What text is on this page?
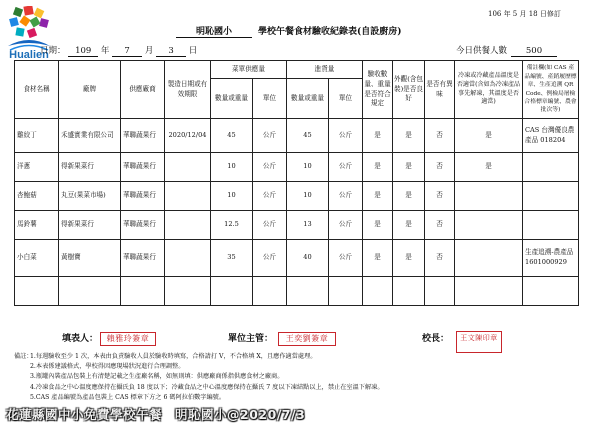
Hualien
106 年 5 月 18 日修訂
明恥國小	學校午餐食材驗收紀錄表(自設廚房)
日期： 109 年 7 月 3 日	今日供餐人數 500
食材名稱	廠牌	供應廠商	製造日期或有效期限	菜單供應量		進貨量		驗收數量、重量是否符合規定	外觀(含包裝)是否良好	是否有異味	冷凍或冷藏產品溫度是否適當(含如為冷凍產品事先解凍，其溫度是否適當)	備註欄(如 CAS 產品編號、產銷履歷標章、生產追溯 QR Code、例檢局屠檢合格標章編號、農會批次等)
				數量或重量	單位	數量或重量	單位					
雞絞丁	禾盛實業有限公司	華聯蔬果行	2020/12/04	45	公斤	45	公斤	是	是	否	是	CAS 台灣優良農產品 018204
洋蔥	得新果菜行	華聯蔬果行		10	公斤	10	公斤	是	是	否	是	
杏鮑菇	丸豆(果菜市場)	華聯蔬果行		10	公斤	10	公斤	是	是	否		
馬鈴薯	得新果菜行	華聯蔬果行		12.5	公斤	13	公斤	是	是	否		
小白菜	黃樹寶	華聯蔬果行		35	公斤	40	公斤	是	是	否		生產追溯-農產品 1601000929

填表人：	賴雅玲簽章	單位主管：	王奕劉簽章	校長：	王文陳印章
備註：
1.每週驗收至少 1 次，本表由負責驗收人員於驗收時填寫，合格請打 V，不合格填 X，且應作適當處理。
2.本表係建議格式，學校得因應現場狀況進行合理調整。
3.瓶罐內裝產品包裝上有清楚記載之生產廠名稱，如無則填：供應廠商係指供應食材之廠商。
4.冷凍食品之中心溫度應保持在攝氏負 18 度以下；冷藏食品之中心溫度應保持在攝氏 7 度以下凍結點以上，禁止在室溫下解凍。
5.CAS 產品編號為產品包裝上 CAS 標章下方之 6 碼阿拉伯數字編號。
花蓮縣國中小免費學校午餐　明恥國小@2020/7/3
